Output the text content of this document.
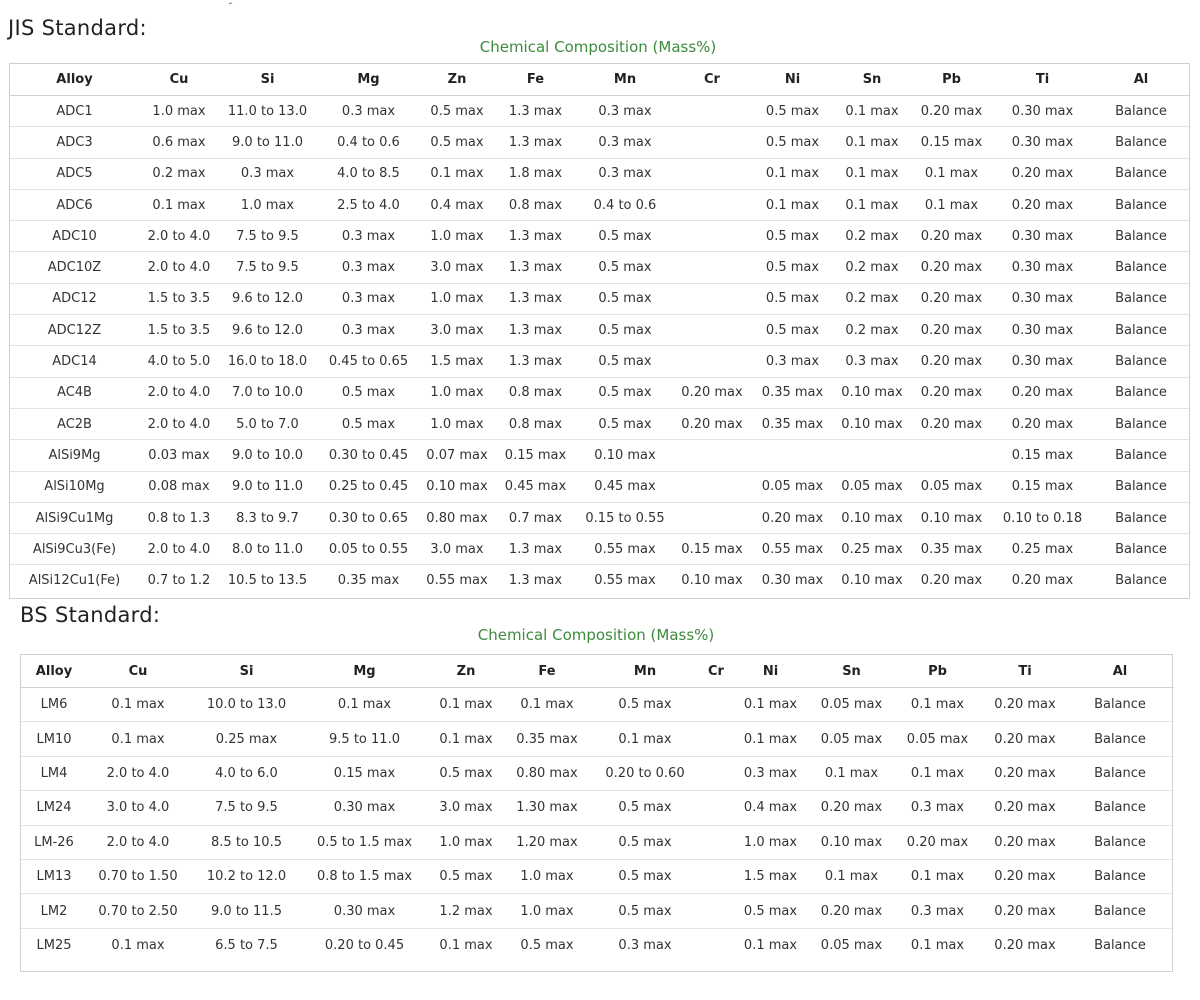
˘
JIS Standard:
Chemical Composition (Mass%)
Alloy	Cu	Si	Mg	Zn	Fe	Mn	Cr	Ni	Sn	Pb	Ti	Al
ADC1	1.0 max	11.0 to 13.0	0.3 max	0.5 max	1.3 max	0.3 max		0.5 max	0.1 max	0.20 max	0.30 max	Balance
ADC3	0.6 max	9.0 to 11.0	0.4 to 0.6	0.5 max	1.3 max	0.3 max		0.5 max	0.1 max	0.15 max	0.30 max	Balance
ADC5	0.2 max	0.3 max	4.0 to 8.5	0.1 max	1.8 max	0.3 max		0.1 max	0.1 max	0.1 max	0.20 max	Balance
ADC6	0.1 max	1.0 max	2.5 to 4.0	0.4 max	0.8 max	0.4 to 0.6		0.1 max	0.1 max	0.1 max	0.20 max	Balance
ADC10	2.0 to 4.0	7.5 to 9.5	0.3 max	1.0 max	1.3 max	0.5 max		0.5 max	0.2 max	0.20 max	0.30 max	Balance
ADC10Z	2.0 to 4.0	7.5 to 9.5	0.3 max	3.0 max	1.3 max	0.5 max		0.5 max	0.2 max	0.20 max	0.30 max	Balance
ADC12	1.5 to 3.5	9.6 to 12.0	0.3 max	1.0 max	1.3 max	0.5 max		0.5 max	0.2 max	0.20 max	0.30 max	Balance
ADC12Z	1.5 to 3.5	9.6 to 12.0	0.3 max	3.0 max	1.3 max	0.5 max		0.5 max	0.2 max	0.20 max	0.30 max	Balance
ADC14	4.0 to 5.0	16.0 to 18.0	0.45 to 0.65	1.5 max	1.3 max	0.5 max		0.3 max	0.3 max	0.20 max	0.30 max	Balance
AC4B	2.0 to 4.0	7.0 to 10.0	0.5 max	1.0 max	0.8 max	0.5 max	0.20 max	0.35 max	0.10 max	0.20 max	0.20 max	Balance
AC2B	2.0 to 4.0	5.0 to 7.0	0.5 max	1.0 max	0.8 max	0.5 max	0.20 max	0.35 max	0.10 max	0.20 max	0.20 max	Balance
AlSi9Mg	0.03 max	9.0 to 10.0	0.30 to 0.45	0.07 max	0.15 max	0.10 max					0.15 max	Balance
AlSi10Mg	0.08 max	9.0 to 11.0	0.25 to 0.45	0.10 max	0.45 max	0.45 max		0.05 max	0.05 max	0.05 max	0.15 max	Balance
AlSi9Cu1Mg	0.8 to 1.3	8.3 to 9.7	0.30 to 0.65	0.80 max	0.7 max	0.15 to 0.55		0.20 max	0.10 max	0.10 max	0.10 to 0.18	Balance
AlSi9Cu3(Fe)	2.0 to 4.0	8.0 to 11.0	0.05 to 0.55	3.0 max	1.3 max	0.55 max	0.15 max	0.55 max	0.25 max	0.35 max	0.25 max	Balance
AlSi12Cu1(Fe)	0.7 to 1.2	10.5 to 13.5	0.35 max	0.55 max	1.3 max	0.55 max	0.10 max	0.30 max	0.10 max	0.20 max	0.20 max	Balance
BS Standard:
Chemical Composition (Mass%)
Alloy	Cu	Si	Mg	Zn	Fe	Mn	Cr	Ni	Sn	Pb	Ti	Al
LM6	0.1 max	10.0 to 13.0	0.1 max	0.1 max	0.1 max	0.5 max		0.1 max	0.05 max	0.1 max	0.20 max	Balance
LM10	0.1 max	0.25 max	9.5 to 11.0	0.1 max	0.35 max	0.1 max		0.1 max	0.05 max	0.05 max	0.20 max	Balance
LM4	2.0 to 4.0	4.0 to 6.0	0.15 max	0.5 max	0.80 max	0.20 to 0.60		0.3 max	0.1 max	0.1 max	0.20 max	Balance
LM24	3.0 to 4.0	7.5 to 9.5	0.30 max	3.0 max	1.30 max	0.5 max		0.4 max	0.20 max	0.3 max	0.20 max	Balance
LM-26	2.0 to 4.0	8.5 to 10.5	0.5 to 1.5 max	1.0 max	1.20 max	0.5 max		1.0 max	0.10 max	0.20 max	0.20 max	Balance
LM13	0.70 to 1.50	10.2 to 12.0	0.8 to 1.5 max	0.5 max	1.0 max	0.5 max		1.5 max	0.1 max	0.1 max	0.20 max	Balance
LM2	0.70 to 2.50	9.0 to 11.5	0.30 max	1.2 max	1.0 max	0.5 max		0.5 max	0.20 max	0.3 max	0.20 max	Balance
LM25	0.1 max	6.5 to 7.5	0.20 to 0.45	0.1 max	0.5 max	0.3 max		0.1 max	0.05 max	0.1 max	0.20 max	Balance
